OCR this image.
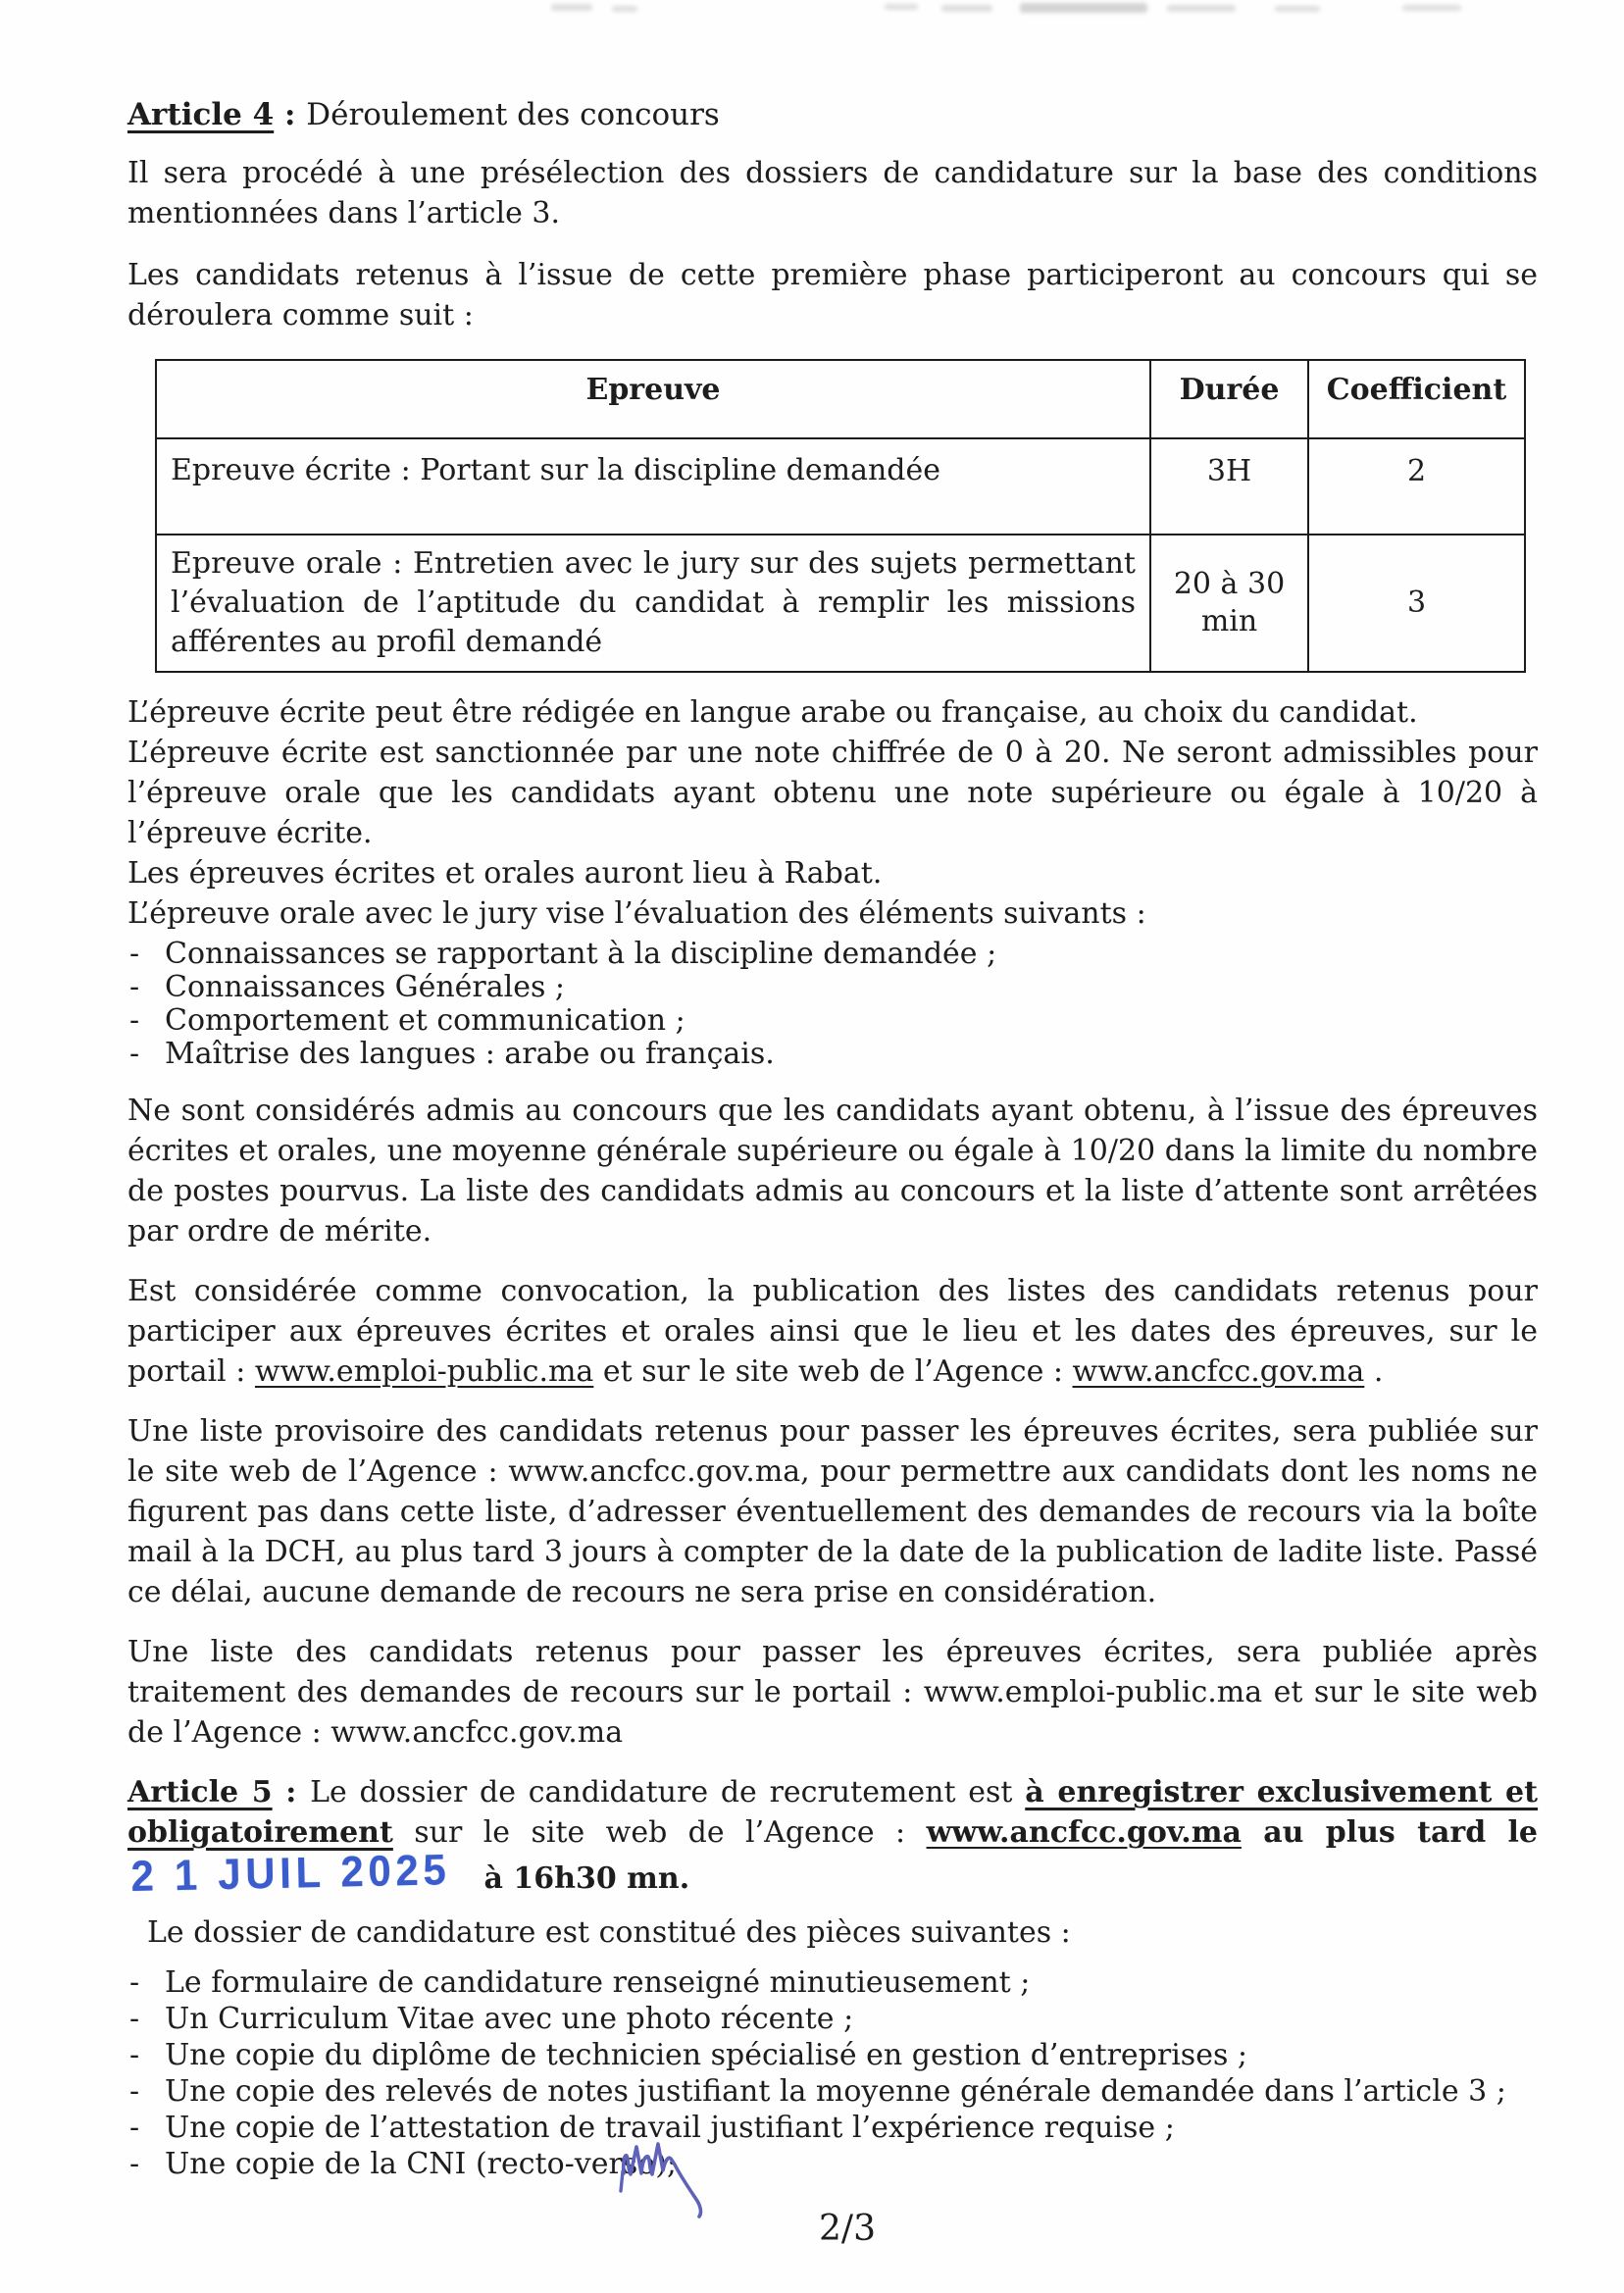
Article 4 : Déroulement des concours

Il sera procédé à une présélection des dossiers de candidature sur la base des conditions mentionnées dans l’article 3.

Les candidats retenus à l’issue de cette première phase participeront au concours qui se déroulera comme suit :

Epreuve	Durée	Coefficient
Epreuve écrite : Portant sur la discipline demandée	3H	2
Epreuve orale : Entretien avec le jury sur des sujets permettant l’évaluation de l’aptitude du candidat à remplir les missions afférentes au profil demandé	20 à 30 min	3

L’épreuve écrite peut être rédigée en langue arabe ou française, au choix du candidat.

L’épreuve écrite est sanctionnée par une note chiffrée de 0 à 20. Ne seront admissibles pour l’épreuve orale que les candidats ayant obtenu une note supérieure ou égale à 10/20 à l’épreuve écrite.

Les épreuves écrites et orales auront lieu à Rabat.

L’épreuve orale avec le jury vise l’évaluation des éléments suivants :

- Connaissances se rapportant à la discipline demandée ;
- Connaissances Générales ;
- Comportement et communication ;
- Maîtrise des langues : arabe ou français.

Ne sont considérés admis au concours que les candidats ayant obtenu, à l’issue des épreuves écrites et orales, une moyenne générale supérieure ou égale à 10/20 dans la limite du nombre de postes pourvus. La liste des candidats admis au concours et la liste d’attente sont arrêtées par ordre de mérite.

Est considérée comme convocation, la publication des listes des candidats retenus pour participer aux épreuves écrites et orales ainsi que le lieu et les dates des épreuves, sur le portail : www.emploi-public.ma et sur le site web de l’Agence : www.ancfcc.gov.ma .

Une liste provisoire des candidats retenus pour passer les épreuves écrites, sera publiée sur le site web de l’Agence : www.ancfcc.gov.ma, pour permettre aux candidats dont les noms ne figurent pas dans cette liste, d’adresser éventuellement des demandes de recours via la boîte mail à la DCH, au plus tard 3 jours à compter de la date de la publication de ladite liste. Passé ce délai, aucune demande de recours ne sera prise en considération.

Une liste des candidats retenus pour passer les épreuves écrites, sera publiée après traitement des demandes de recours sur le portail : www.emploi-public.ma et sur le site web de l’Agence : www.ancfcc.gov.ma

Article 5 : Le dossier de candidature de recrutement est à enregistrer exclusivement et obligatoirement sur le site web de l’Agence : www.ancfcc.gov.ma au plus tard le2 1 JUIL 2025 à 16h30 mn.

Le dossier de candidature est constitué des pièces suivantes :

- Le formulaire de candidature renseigné minutieusement ;
- Un Curriculum Vitae avec une photo récente ;
- Une copie du diplôme de technicien spécialisé en gestion d’entreprises ;
- Une copie des relevés de notes justifiant la moyenne générale demandée dans l’article 3 ;
- Une copie de l’attestation de travail justifiant l’expérience requise ;
- Une copie de la CNI (recto-verso);
2/3
